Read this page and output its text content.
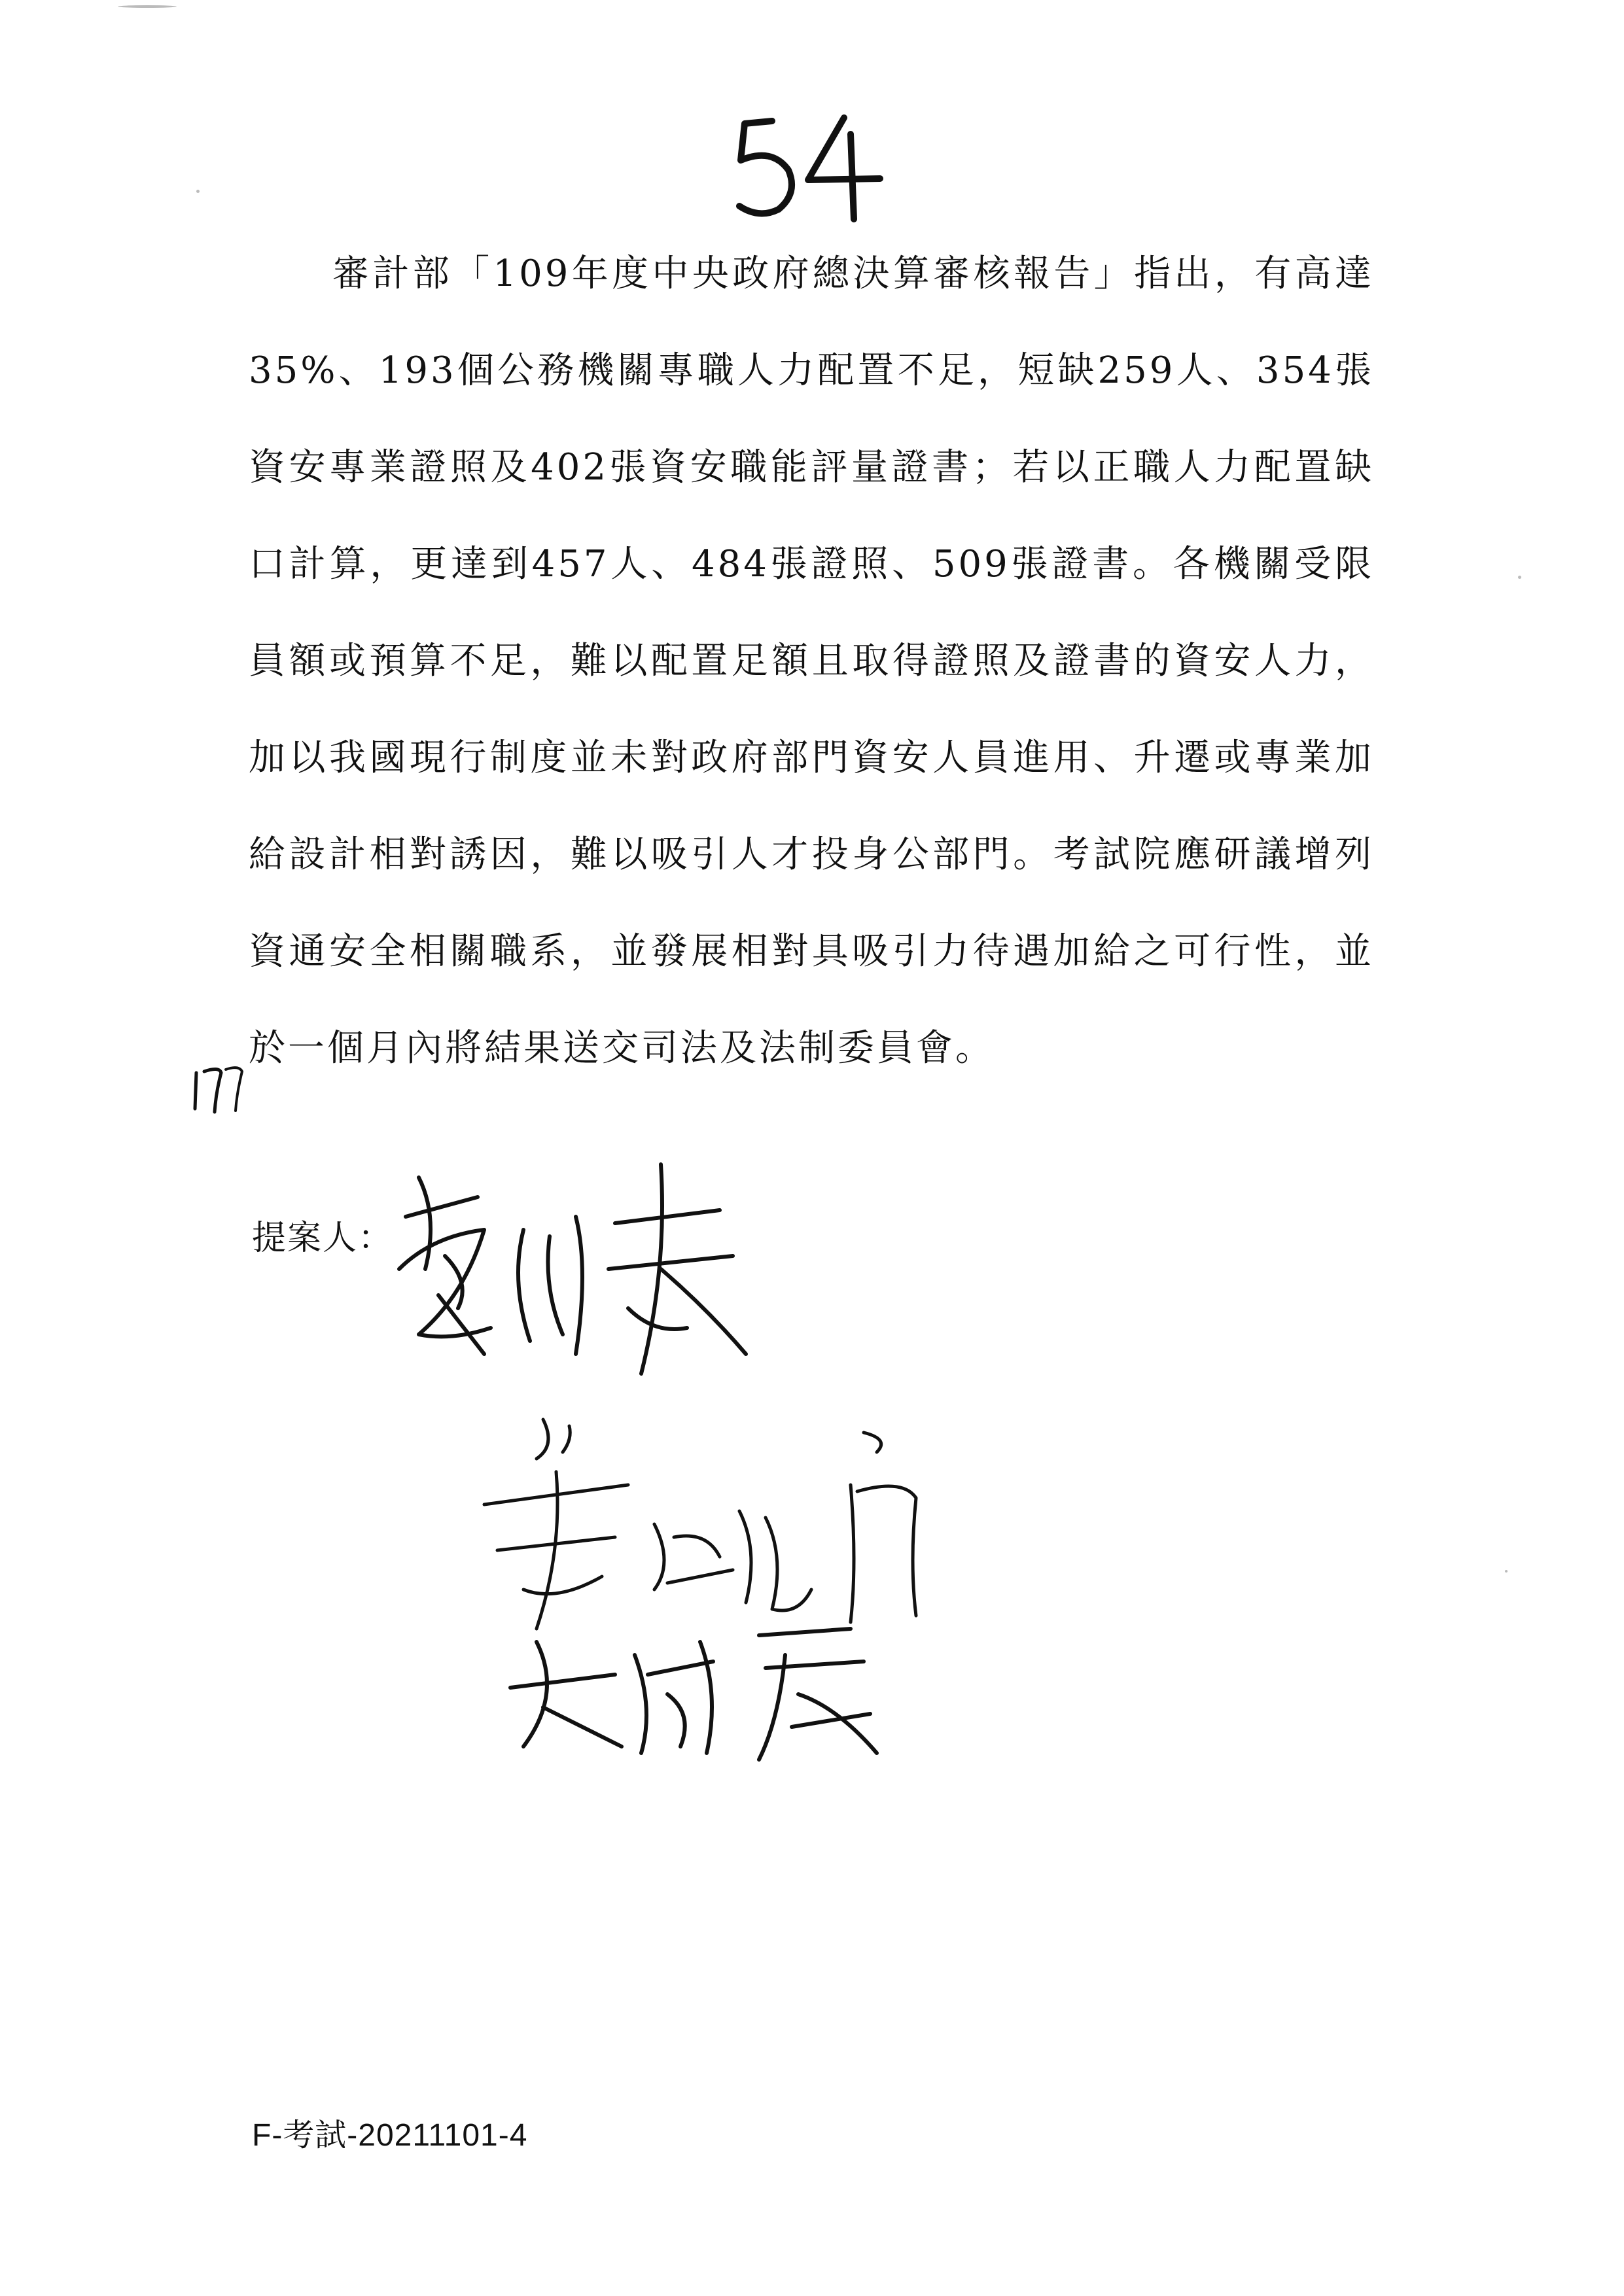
審計部「109年度中央政府總決算審核報告」指出，有高達35%、193個公務機關專職人力配置不足，短缺259人、354張資安專業證照及402張資安職能評量證書；若以正職人力配置缺口計算，更達到457人、484張證照、509張證書。各機關受限員額或預算不足，難以配置足額且取得證照及證書的資安人力，加以我國現行制度並未對政府部門資安人員進用、升遷或專業加給設計相對誘因，難以吸引人才投身公部門。考試院應研議增列資通安全相關職系，並發展相對具吸引力待遇加給之可行性，並於一個月內將結果送交司法及法制委員會。

提案人：
F-考試-20211101-4
